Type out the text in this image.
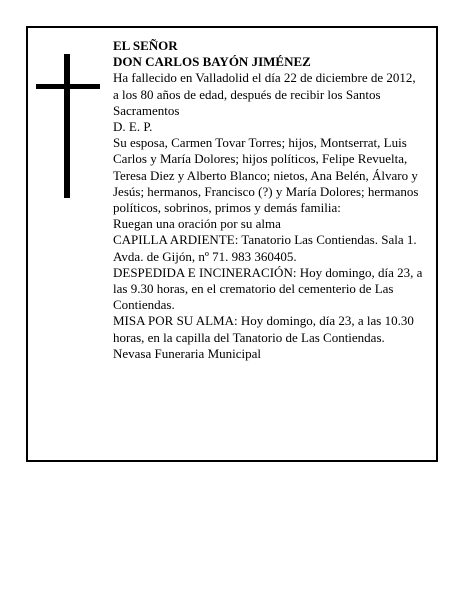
EL SEÑOR

DON CARLOS BAYÓN JIMÉNEZ

Ha fallecido en Valladolid el día 22 de diciembre de 2012, a los 80 años de edad, después de recibir los Santos Sacramentos

D. E. P.

Su esposa, Carmen Tovar Torres; hijos, Montserrat, Luis Carlos y María Dolores; hijos políticos, Felipe Revuelta, Teresa Diez y Alberto Blanco; nietos, Ana Belén, Álvaro y Jesús; hermanos, Francisco (?) y María Dolores; hermanos políticos, sobrinos, primos y demás familia:

Ruegan una oración por su alma

CAPILLA ARDIENTE: Tanatorio Las Contiendas. Sala 1. Avda. de Gijón, nº 71. 983 360405.

DESPEDIDA E INCINERACIÓN: Hoy domingo, día 23, a las 9.30 horas, en el crematorio del cementerio de Las Contiendas.

MISA POR SU ALMA: Hoy domingo, día 23, a las 10.30 horas, en la capilla del Tanatorio de Las Contiendas.

Nevasa Funeraria Municipal
